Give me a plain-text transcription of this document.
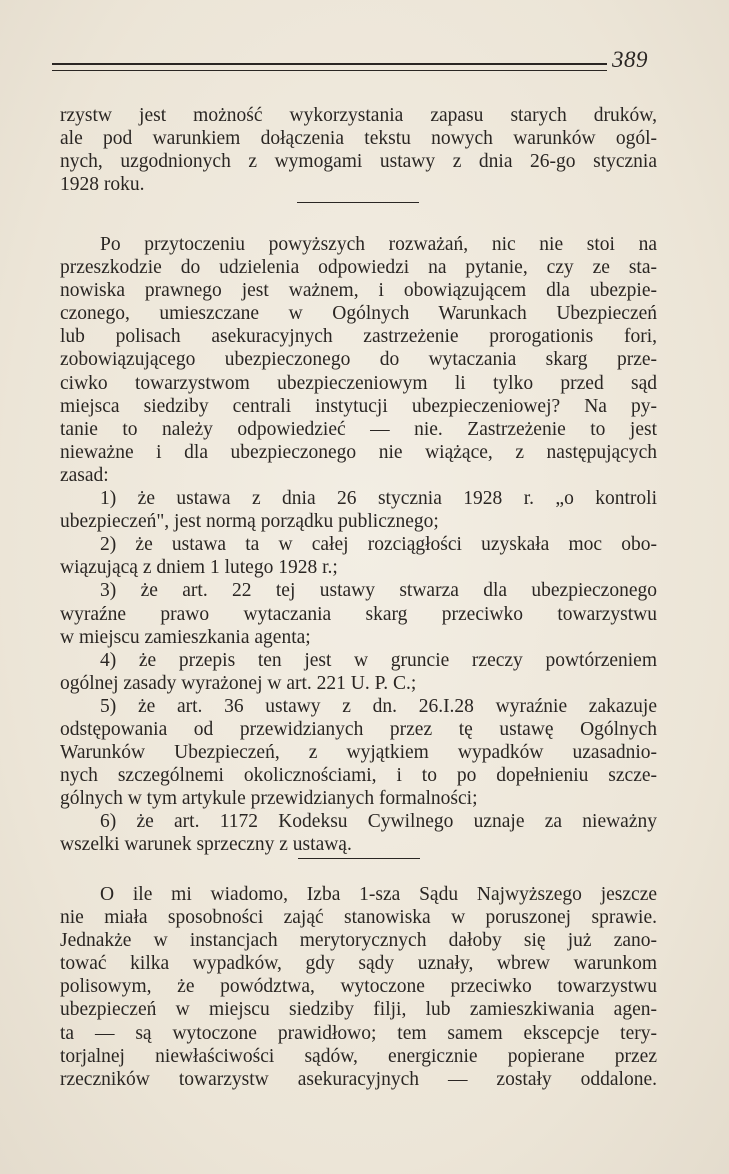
389
rzystw jest możność wykorzystania zapasu starych druków,
ale pod warunkiem dołączenia tekstu nowych warunków ogól-
nych, uzgodnionych z wymogami ustawy z dnia 26-go stycznia
1928 roku.
Po przytoczeniu powyższych rozważań, nic nie stoi na
przeszkodzie do udzielenia odpowiedzi na pytanie, czy ze sta-
nowiska prawnego jest ważnem, i obowiązującem dla ubezpie-
czonego, umieszczane w Ogólnych Warunkach Ubezpieczeń
lub polisach asekuracyjnych zastrzeżenie prorogationis fori,
zobowiązującego ubezpieczonego do wytaczania skarg prze-
ciwko towarzystwom ubezpieczeniowym li tylko przed sąd
miejsca siedziby centrali instytucji ubezpieczeniowej? Na py-
tanie to należy odpowiedzieć — nie. Zastrzeżenie to jest
nieważne i dla ubezpieczonego nie wiążące, z następujących
zasad:
1) że ustawa z dnia 26 stycznia 1928 r. „o kontroli
ubezpieczeń", jest normą porządku publicznego;
2) że ustawa ta w całej rozciągłości uzyskała moc obo-
wiązującą z dniem 1 lutego 1928 r.;
3) że art. 22 tej ustawy stwarza dla ubezpieczonego
wyraźne prawo wytaczania skarg przeciwko towarzystwu
w miejscu zamieszkania agenta;
4) że przepis ten jest w gruncie rzeczy powtórzeniem
ogólnej zasady wyrażonej w art. 221 U. P. C.;
5) że art. 36 ustawy z dn. 26.I.28 wyraźnie zakazuje
odstępowania od przewidzianych przez tę ustawę Ogólnych
Warunków Ubezpieczeń, z wyjątkiem wypadków uzasadnio-
nych szczególnemi okolicznościami, i to po dopełnieniu szcze-
gólnych w tym artykule przewidzianych formalności;
6) że art. 1172 Kodeksu Cywilnego uznaje za nieważny
wszelki warunek sprzeczny z ustawą.
O ile mi wiadomo, Izba 1-sza Sądu Najwyższego jeszcze
nie miała sposobności zająć stanowiska w poruszonej sprawie.
Jednakże w instancjach merytorycznych dałoby się już zano-
tować kilka wypadków, gdy sądy uznały, wbrew warunkom
polisowym, że powództwa, wytoczone przeciwko towarzystwu
ubezpieczeń w miejscu siedziby filji, lub zamieszkiwania agen-
ta — są wytoczone prawidłowo; tem samem ekscepcje tery-
torjalnej niewłaściwości sądów, energicznie popierane przez
rzeczników towarzystw asekuracyjnych — zostały oddalone.
